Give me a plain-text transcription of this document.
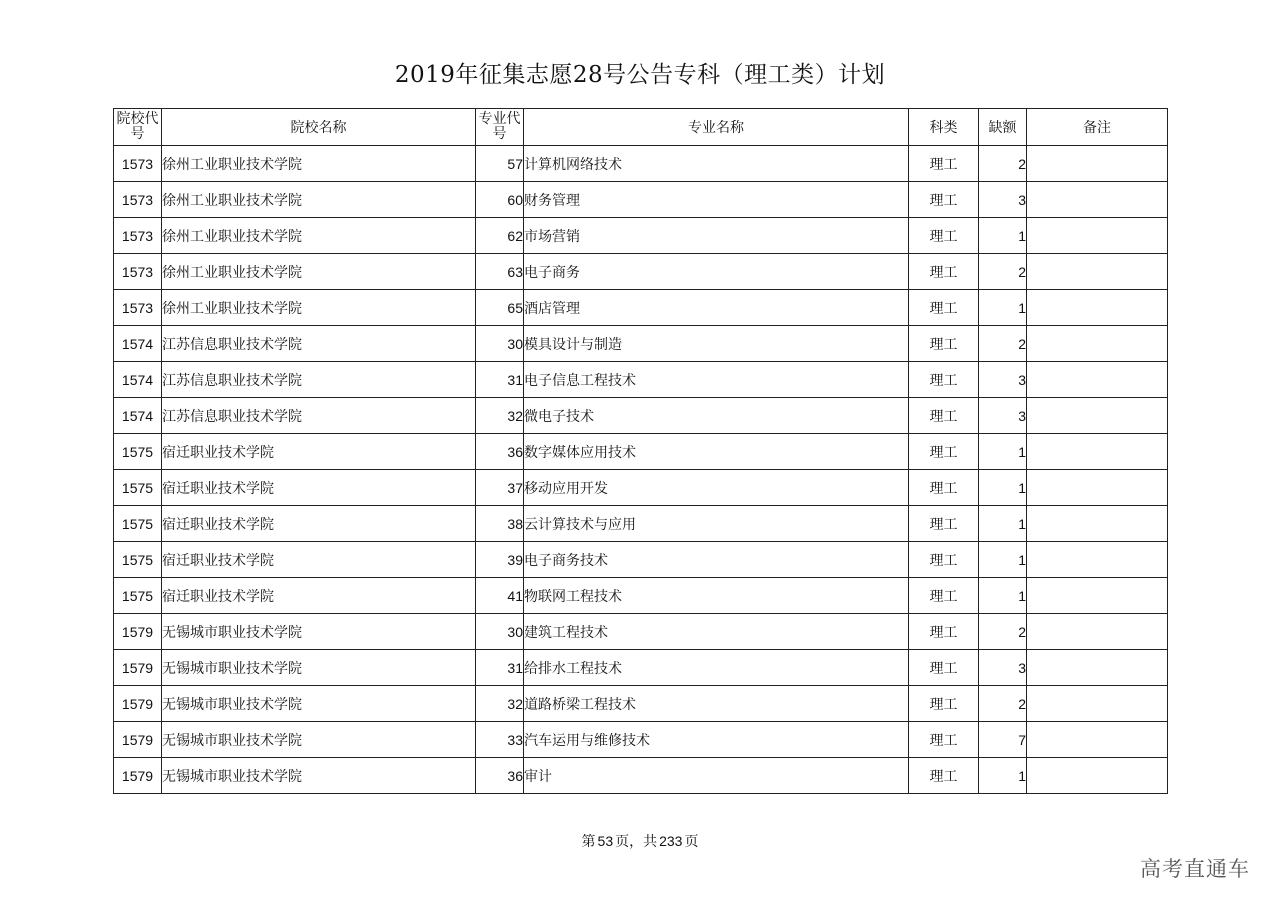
2019年征集志愿28号公告专科（理工类）计划
院校代号	院校名称	专业代号	专业名称	科类	缺额	备注
1573	徐州工业职业技术学院	57	计算机网络技术	理工	2	
1573	徐州工业职业技术学院	60	财务管理	理工	3	
1573	徐州工业职业技术学院	62	市场营销	理工	1	
1573	徐州工业职业技术学院	63	电子商务	理工	2	
1573	徐州工业职业技术学院	65	酒店管理	理工	1	
1574	江苏信息职业技术学院	30	模具设计与制造	理工	2	
1574	江苏信息职业技术学院	31	电子信息工程技术	理工	3	
1574	江苏信息职业技术学院	32	微电子技术	理工	3	
1575	宿迁职业技术学院	36	数字媒体应用技术	理工	1	
1575	宿迁职业技术学院	37	移动应用开发	理工	1	
1575	宿迁职业技术学院	38	云计算技术与应用	理工	1	
1575	宿迁职业技术学院	39	电子商务技术	理工	1	
1575	宿迁职业技术学院	41	物联网工程技术	理工	1	
1579	无锡城市职业技术学院	30	建筑工程技术	理工	2	
1579	无锡城市职业技术学院	31	给排水工程技术	理工	3	
1579	无锡城市职业技术学院	32	道路桥梁工程技术	理工	2	
1579	无锡城市职业技术学院	33	汽车运用与维修技术	理工	7	
1579	无锡城市职业技术学院	36	审计	理工	1	
第 53 页，共 233 页
高考直通车
